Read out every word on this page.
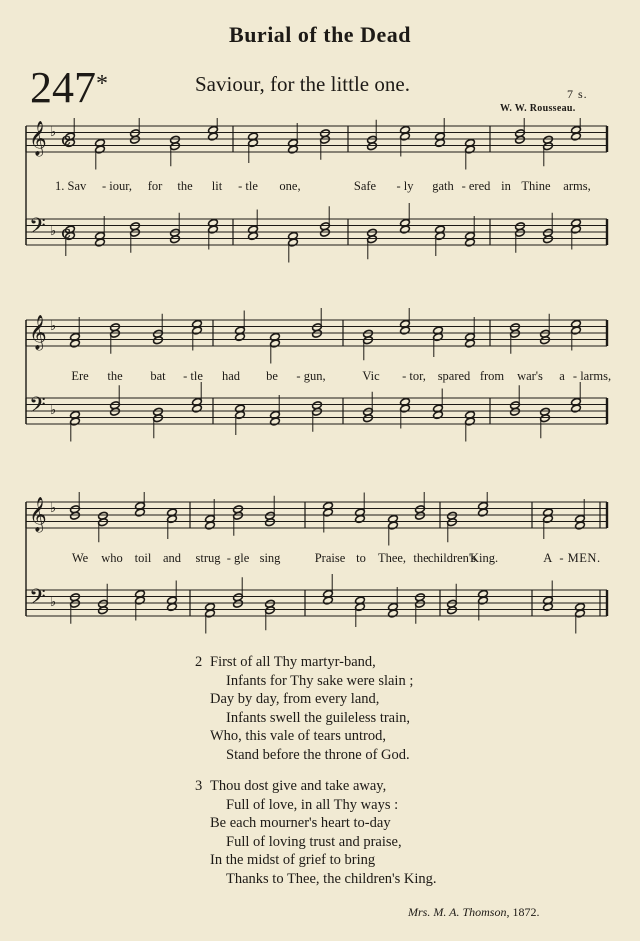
Burial of the Dead
247*	Saviour, for the little one.	7 s.
W. W. Rousseau.
𝄞 c
♭
𝄢 c
♭
1. Sav - iour, for the lit - tle one,	Safe - ly gath - ered in Thine arms,
𝄞 ♭
𝄢 ♭
Ere the bat - tle had be - gun,	Vic - tor, spared from war's a - larms,
𝄞 ♭
𝄢 ♭
We who toil and strug - gle sing	Praise to Thee, the children's
King.	A - MEN.
2 First of all Thy martyr-band,
Infants for Thy sake were slain ;
Day by day, from every land,
Infants swell the guileless train,
Who, this vale of tears untrod,
Stand before the throne of God.
3 Thou dost give and take away,
Full of love, in all Thy ways :
Be each mourner's heart to-day
Full of loving trust and praise,
In the midst of grief to bring
Thanks to Thee, the children's King.
Mrs. M. A. Thomson, 1872.
